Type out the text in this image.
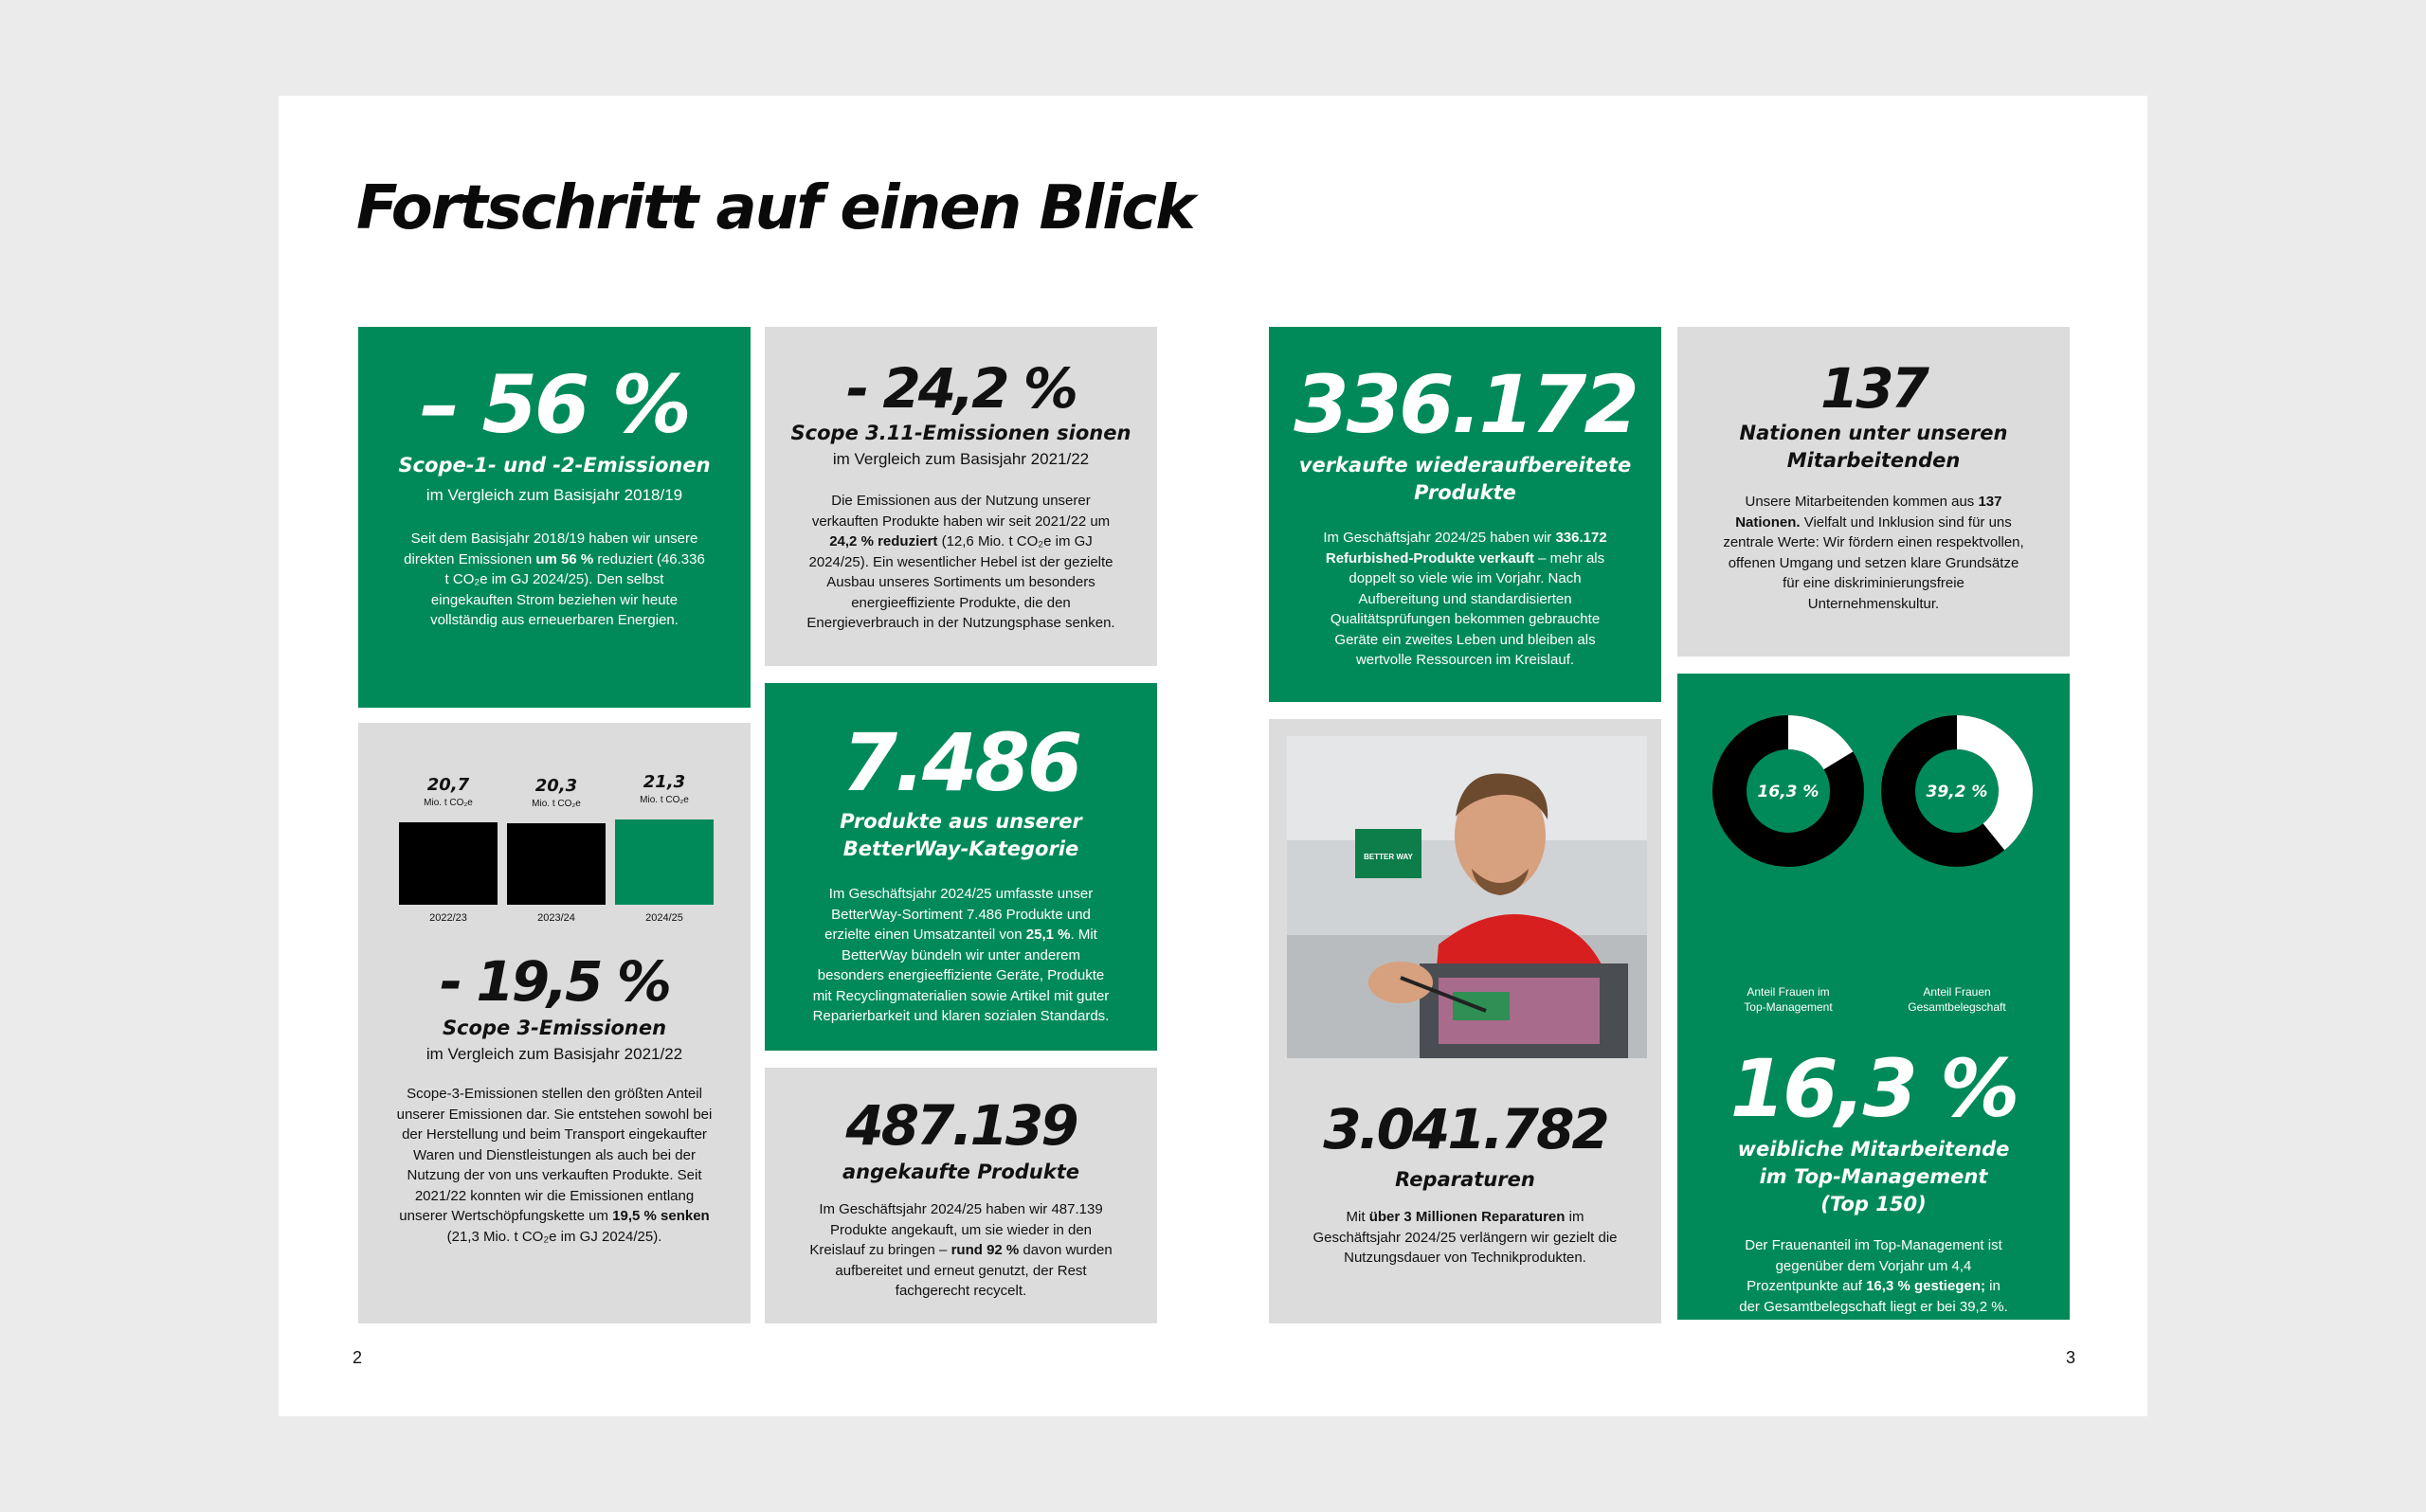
Fortschritt auf einen Blick
– 56 %
Scope-1- und -2-Emissionen
im Vergleich zum Basisjahr 2018/19
Seit dem Basisjahr 2018/19 haben wir unsere direkten Emissionen um 56 % reduziert (46.336 t CO₂e im GJ 2024/25). Den selbst eingekauften Strom beziehen wir heute vollständig aus erneuerbaren Energien.
- 24,2 %
Scope 3.11-Emissionen sionen
im Vergleich zum Basisjahr 2021/22
Die Emissionen aus der Nutzung unserer verkauften Produkte haben wir seit 2021/22 um 24,2 % reduziert (12,6 Mio. t CO₂e im GJ 2024/25). Ein wesentlicher Hebel ist der gezielte Ausbau unseres Sortiments um besonders energieeffiziente Produkte, die den Energieverbrauch in der Nutzungsphase senken.
20,7
Mio. t CO₂e
2022/23
20,3
Mio. t CO₂e
2023/24
21,3
Mio. t CO₂e
2024/25
- 19,5 %
Scope 3-Emissionen
im Vergleich zum Basisjahr 2021/22
Scope-3-Emissionen stellen den größten Anteil unserer Emissionen dar. Sie entstehen sowohl bei der Herstellung und beim Transport eingekaufter Waren und Dienstleistungen als auch bei der Nutzung der von uns verkauften Produkte. Seit 2021/22 konnten wir die Emissionen entlang unserer Wertschöpfungskette um 19,5 % senken (21,3 Mio. t CO₂e im GJ 2024/25).
7.486
Produkte aus unserer
BetterWay-Kategorie
Im Geschäftsjahr 2024/25 umfasste unser BetterWay-Sortiment 7.486 Produkte und erzielte einen Umsatzanteil von 25,1 %. Mit BetterWay bündeln wir unter anderem besonders energieeffiziente Geräte, Produkte mit Recyclingmaterialien sowie Artikel mit guter Reparierbarkeit und klaren sozialen Standards.
487.139
angekaufte Produkte
Im Geschäftsjahr 2024/25 haben wir 487.139 Produkte angekauft, um sie wieder in den Kreislauf zu bringen – rund 92 % davon wurden aufbereitet und erneut genutzt, der Rest fachgerecht recycelt.
336.172
verkaufte wiederaufbereitete
Produkte
Im Geschäftsjahr 2024/25 haben wir 336.172 Refurbished-Produkte verkauft – mehr als doppelt so viele wie im Vorjahr. Nach Aufbereitung und standardisierten Qualitätsprüfungen bekommen gebrauchte Geräte ein zweites Leben und bleiben als wertvolle Ressourcen im Kreislauf.
137
Nationen unter unseren
Mitarbeitenden
Unsere Mitarbeitenden kommen aus 137 Nationen. Vielfalt und Inklusion sind für uns zentrale Werte: Wir fördern einen respektvollen, offenen Umgang und setzen klare Grundsätze für eine diskriminierungsfreie Unternehmenskultur.
BETTER WAY
3.041.782
Reparaturen
Mit über 3 Millionen Reparaturen im Geschäftsjahr 2024/25 verlängern wir gezielt die Nutzungsdauer von Technikprodukten.
16,3 %	39,2 %
Anteil Frauen im
Top-Management
Anteil Frauen
Gesamtbelegschaft
16,3 %
weibliche Mitarbeitende
im Top-Management
(Top 150)
Der Frauenanteil im Top-Management ist gegenüber dem Vorjahr um 4,4 Prozentpunkte auf 16,3 % gestiegen; in der Gesamtbelegschaft liegt er bei 39,2 %.
2	3
